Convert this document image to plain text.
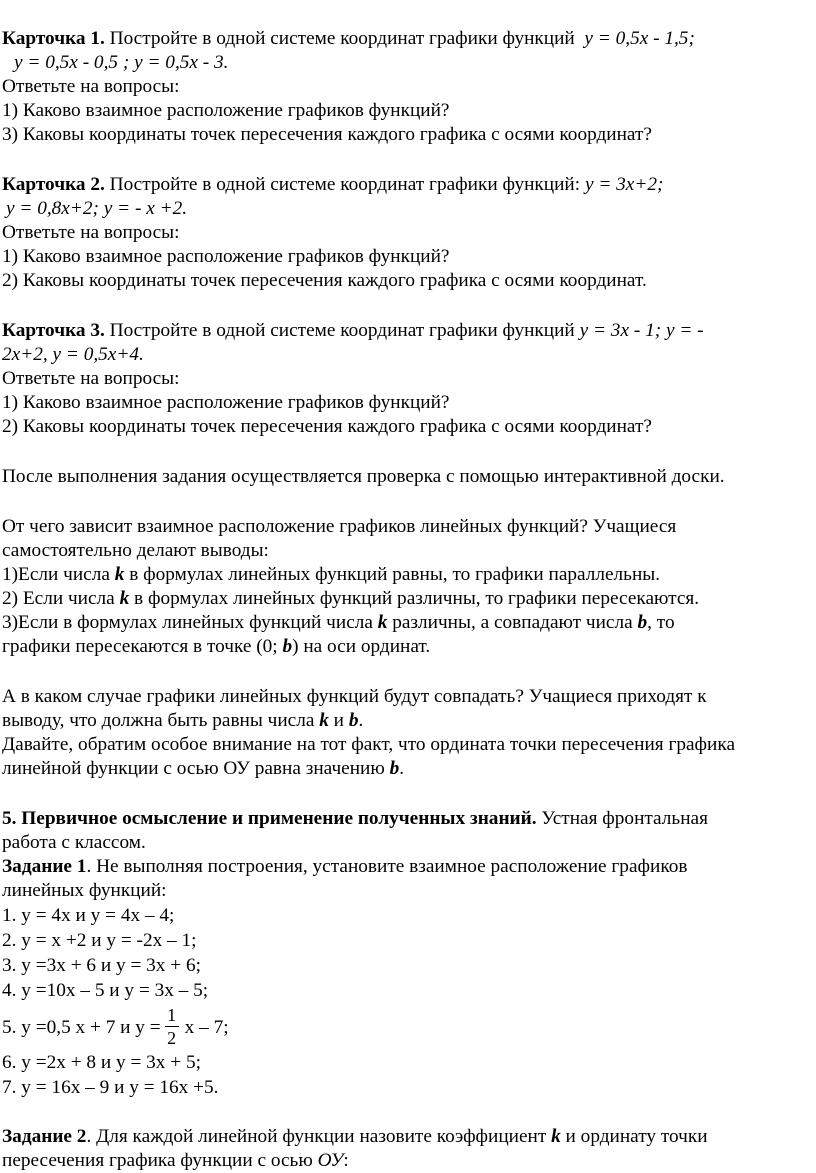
Карточка 1. Постройте в одной системе координат графики функций y = 0,5x - 1,5;
y = 0,5x - 0,5 ; y = 0,5x - 3.
Ответьте на вопросы:
1) Каково взаимное расположение графиков функций?
3) Каковы координаты точек пересечения каждого графика с осями координат?
Карточка 2. Постройте в одной системе координат графики функций: y = 3x+2;
y = 0,8x+2; y = - x +2.
Ответьте на вопросы:
1) Каково взаимное расположение графиков функций?
2) Каковы координаты точек пересечения каждого графика с осями координат.
Карточка 3. Постройте в одной системе координат графики функций y = 3x - 1; y = -
2x+2, y = 0,5x+4.
Ответьте на вопросы:
1) Каково взаимное расположение графиков функций?
2) Каковы координаты точек пересечения каждого графика с осями координат?
После выполнения задания осуществляется проверка с помощью интерактивной доски.
От чего зависит взаимное расположение графиков линейных функций? Учащиеся
самостоятельно делают выводы:
1)Если числа k в формулах линейных функций равны, то графики параллельны.
2) Если числа k в формулах линейных функций различны, то графики пересекаются.
3)Если в формулах линейных функций числа k различны, а совпадают числа b, то
графики пересекаются в точке (0; b) на оси ординат.
А в каком случае графики линейных функций будут совпадать? Учащиеся приходят к
выводу, что должна быть равны числа k и b.
Давайте, обратим особое внимание на тот факт, что ордината точки пересечения графика
линейной функции с осью ОУ равна значению b.
5. Первичное осмысление и применение полученных знаний. Устная фронтальная
работа с классом.
Задание 1. Не выполняя построения, установите взаимное расположение графиков
линейных функций:
1. y = 4x и y = 4x – 4;
2. y = x +2 и y = -2x – 1;
3. y =3x + 6 и y = 3x + 6;
4. y =10x – 5 и y = 3x – 5;
5. y =0,5 x + 7 и $y = \frac{1}{2}$ x – 7;
6. y =2x + 8 и y = 3x + 5;
7. y = 16x – 9 и y = 16x +5.
Задание 2. Для каждой линейной функции назовите коэффициент k и ординату точки
пересечения графика функции с осью ОУ:
